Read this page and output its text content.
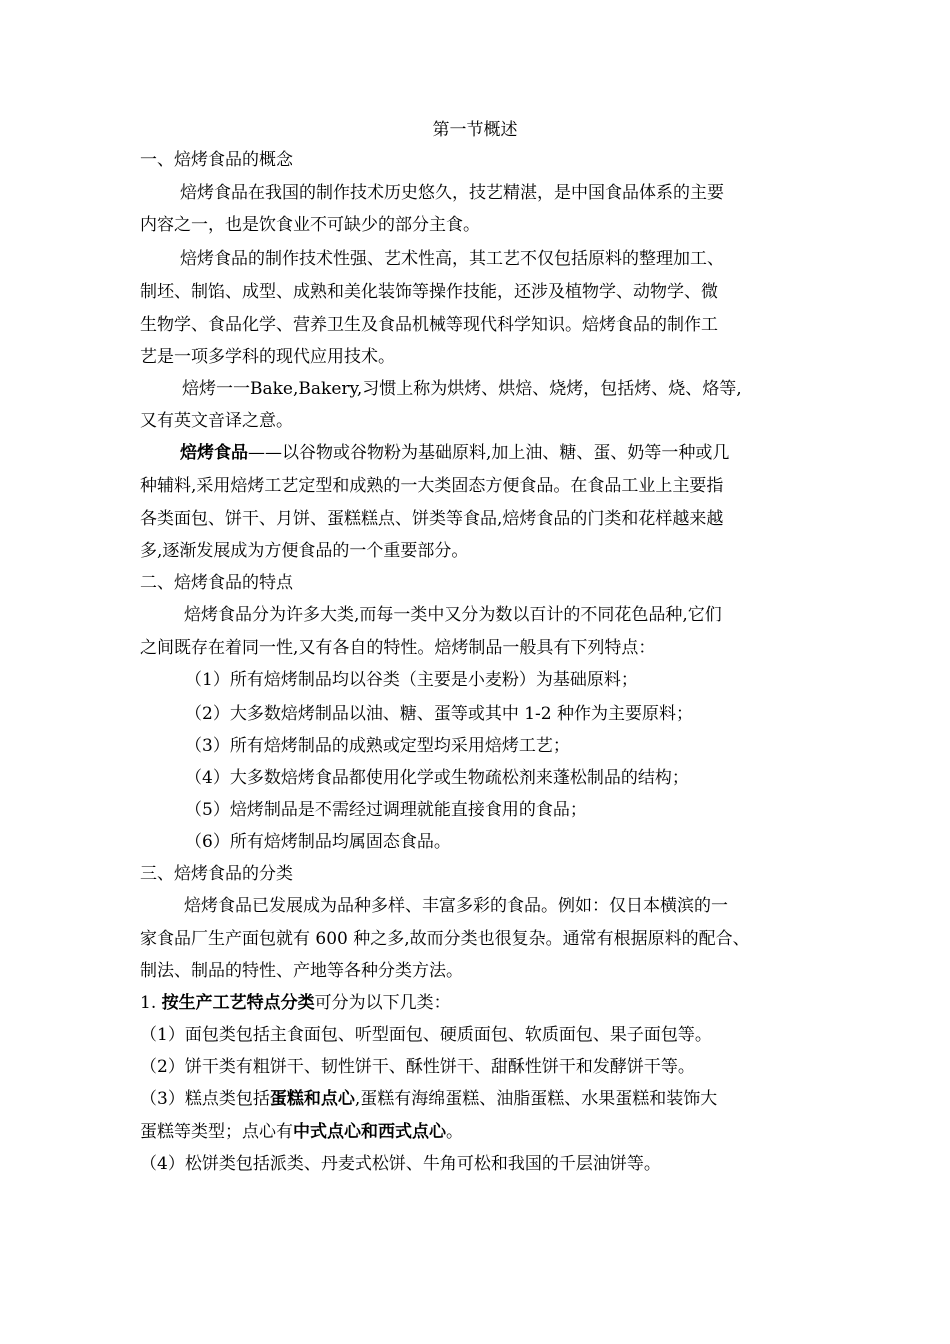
第一节概述
一、焙烤食品的概念
焙烤食品在我国的制作技术历史悠久，技艺精湛，是中国食品体系的主要
内容之一，也是饮食业不可缺少的部分主食。
焙烤食品的制作技术性强、艺术性高，其工艺不仅包括原料的整理加工、
制坯、制馅、成型、成熟和美化装饰等操作技能，还涉及植物学、动物学、微
生物学、食品化学、营养卫生及食品机械等现代科学知识。焙烤食品的制作工
艺是一项多学科的现代应用技术。
焙烤一一Bake,Bakery,习惯上称为烘烤、烘焙、烧烤，包括烤、烧、烙等,
又有英文音译之意。
焙烤食品——以谷物或谷物粉为基础原料,加上油、糖、蛋、奶等一种或几
种辅料,采用焙烤工艺定型和成熟的一大类固态方便食品。在食品工业上主要指
各类面包、饼干、月饼、蛋糕糕点、饼类等食品,焙烤食品的门类和花样越来越
多,逐渐发展成为方便食品的一个重要部分。
二、焙烤食品的特点
焙烤食品分为许多大类,而每一类中又分为数以百计的不同花色品种,它们
之间既存在着同一性,又有各自的特性。焙烤制品一般具有下列特点：
（1）所有焙烤制品均以谷类（主要是小麦粉）为基础原料；
（2）大多数焙烤制品以油、糖、蛋等或其中 1-2 种作为主要原料；
（3）所有焙烤制品的成熟或定型均采用焙烤工艺；
（4）大多数焙烤食品都使用化学或生物疏松剂来蓬松制品的结构；
（5）焙烤制品是不需经过调理就能直接食用的食品；
（6）所有焙烤制品均属固态食品。
三、焙烤食品的分类
焙烤食品已发展成为品种多样、丰富多彩的食品。例如：仅日本横滨的一
家食品厂生产面包就有 600 种之多,故而分类也很复杂。通常有根据原料的配合、
制法、制品的特性、产地等各种分类方法。
1. 按生产工艺特点分类可分为以下几类：
（1）面包类包括主食面包、听型面包、硬质面包、软质面包、果子面包等。
（2）饼干类有粗饼干、韧性饼干、酥性饼干、甜酥性饼干和发酵饼干等。
（3）糕点类包括蛋糕和点心,蛋糕有海绵蛋糕、油脂蛋糕、水果蛋糕和装饰大
蛋糕等类型；点心有中式点心和西式点心。
（4）松饼类包括派类、丹麦式松饼、牛角可松和我国的千层油饼等。
